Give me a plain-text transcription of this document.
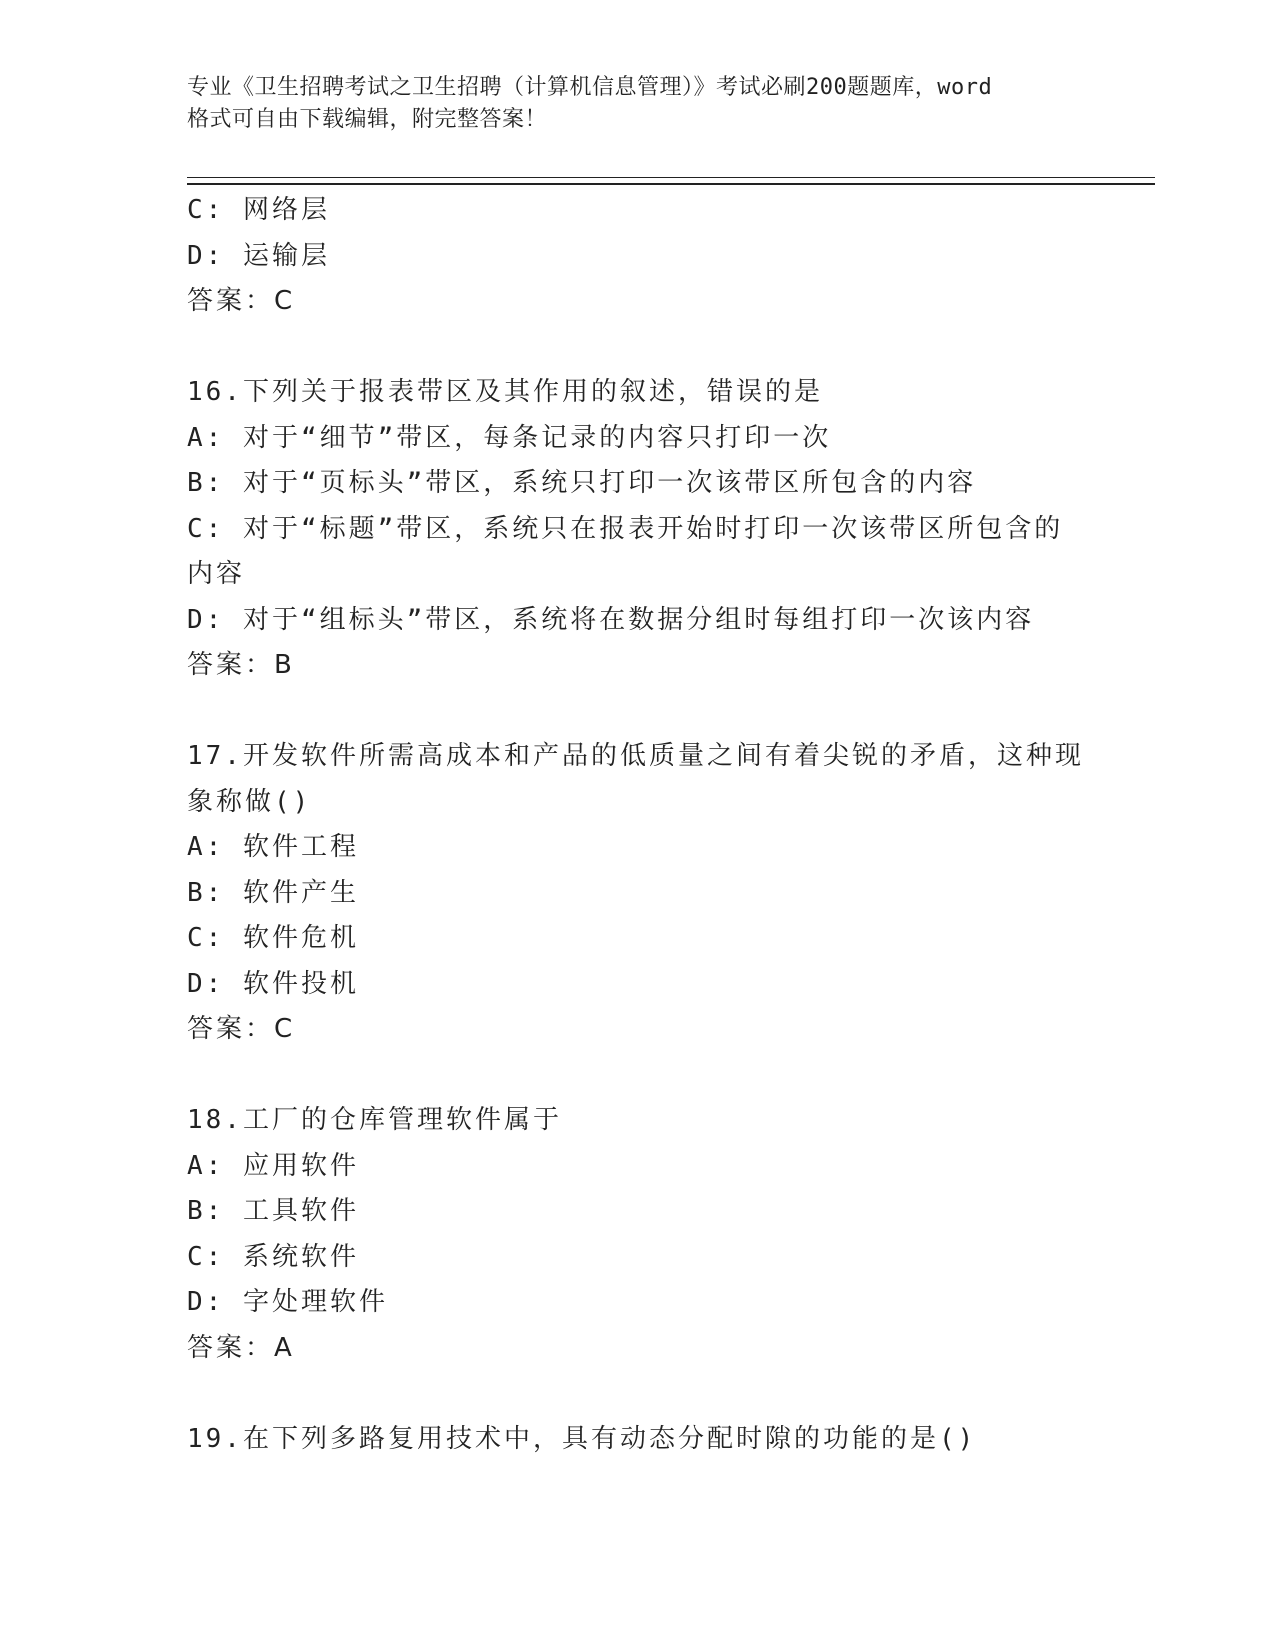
专业《卫生招聘考试之卫生招聘（计算机信息管理）》考试必刷200题题库，word
格式可自由下载编辑，附完整答案！
C: 网络层
D: 运输层
答案：C
16.下列关于报表带区及其作用的叙述，错误的是
A: 对于“细节”带区，每条记录的内容只打印一次
B: 对于“页标头”带区，系统只打印一次该带区所包含的内容
C: 对于“标题”带区，系统只在报表开始时打印一次该带区所包含的
内容
D: 对于“组标头”带区，系统将在数据分组时每组打印一次该内容
答案：B
17.开发软件所需高成本和产品的低质量之间有着尖锐的矛盾，这种现
象称做()
A: 软件工程
B: 软件产生
C: 软件危机
D: 软件投机
答案：C
18.工厂的仓库管理软件属于
A: 应用软件
B: 工具软件
C: 系统软件
D: 字处理软件
答案：A
19.在下列多路复用技术中，具有动态分配时隙的功能的是()
